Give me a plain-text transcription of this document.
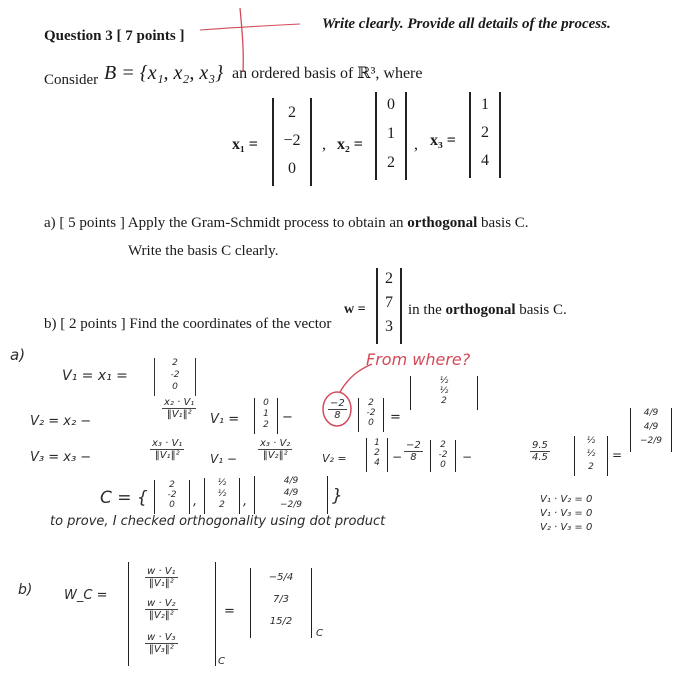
Question 3 [ 7 points ]
Write clearly. Provide all details of the process.
Consider B = {x₁, x₂, x₃} an ordered basis of ℝ³, where
x₁ =
2
−2
0
, x₂ =
0
1
2
, x₃ =
1
2
4
a) [ 5 points ] Apply the Gram-Schmidt process to obtain an orthogonal basis C.
Write the basis C clearly.
b) [ 2 points ] Find the coordinates of the vector
w =
2
7
3
in the orthogonal basis C.
a)
V₁ = x₁ =
2
-2
0
From where?
V₂ = x₂ −
$\frac{\text{x₂ · V₁}}{\text{‖V₁‖²}} V_1$ =
0
1
2	−	$\frac{-2}{8}$	2
-2
0	=
½
½
2
V₃ = x₃ −	$\frac{\text{x₃ · V₁}}{\text{‖V₁‖²}} V_1 - \frac{\text{x₃ · V₂}}{\text{‖V₂‖²}}$	V₂ =
1
2
4	− $\frac{-2}{8}$	2
-2
0
−	$\frac{9.5}{4.5}$	½
½
2
=
4/9
4/9
−2/9
C = {
2
-2
0	,
½
½
2	,
4/9
4/9
−2/9	}
to prove, I checked orthogonality using dot product
V₁ · V₂ = 0
V₁ · V₃ = 0
V₂ · V₃ = 0
b) W_C =
$\frac{\text{w · V₁}}{\text{‖V₁‖²}}$
$\frac{\text{w · V₂}}{\text{‖V₂‖²}}$
$\frac{\text{w · V₃}}{\text{‖V₃‖²}}$
C
=
−5/4
7/3
15/2
C
